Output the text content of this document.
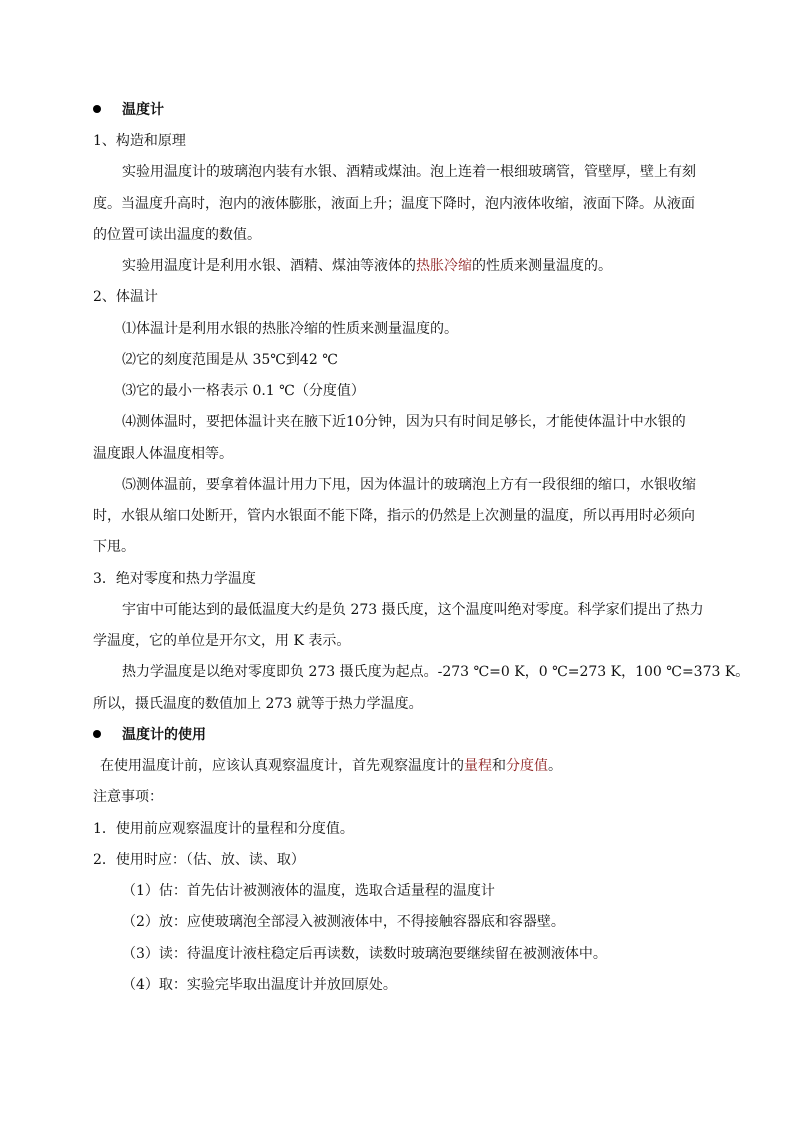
温度计
1、构造和原理
实验用温度计的玻璃泡内装有水银、酒精或煤油。泡上连着一根细玻璃管，管壁厚，壁上有刻
度。当温度升高时，泡内的液体膨胀，液面上升；温度下降时，泡内液体收缩，液面下降。从液面
的位置可读出温度的数值。
实验用温度计是利用水银、酒精、煤油等液体的热胀冷缩的性质来测量温度的。
2、体温计
⑴体温计是利用水银的热胀冷缩的性质来测量温度的。
⑵它的刻度范围是从 35℃到42 ℃
⑶它的最小一格表示 0.1 ℃（分度值）
⑷测体温时，要把体温计夹在腋下近10分钟，因为只有时间足够长，才能使体温计中水银的
温度跟人体温度相等。
⑸测体温前，要拿着体温计用力下甩，因为体温计的玻璃泡上方有一段很细的缩口，水银收缩
时，水银从缩口处断开，管内水银面不能下降，指示的仍然是上次测量的温度，所以再用时必须向
下甩。
3．绝对零度和热力学温度
宇宙中可能达到的最低温度大约是负 273 摄氏度，这个温度叫绝对零度。科学家们提出了热力
学温度，它的单位是开尔文，用 K 表示。
热力学温度是以绝对零度即负 273 摄氏度为起点。-273 ℃=0 K，0 ℃=273 K，100 ℃=373 K。
所以，摄氏温度的数值加上 273 就等于热力学温度。
温度计的使用
在使用温度计前，应该认真观察温度计，首先观察温度计的量程和分度值。
注意事项：
1．使用前应观察温度计的量程和分度值。
2．使用时应：（估、放、读、取）
（1）估：首先估计被测液体的温度，选取合适量程的温度计
（2）放：应使玻璃泡全部浸入被测液体中，不得接触容器底和容器壁。
（3）读：待温度计液柱稳定后再读数，读数时玻璃泡要继续留在被测液体中。
（4）取：实验完毕取出温度计并放回原处。
